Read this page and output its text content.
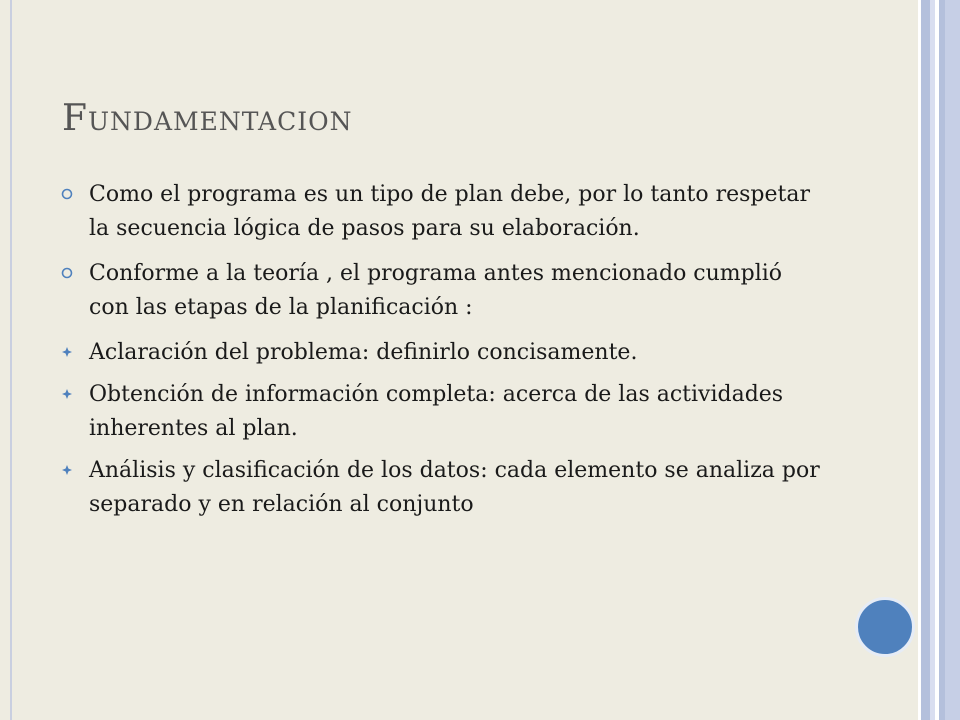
Fundamentacion
Como el programa es un tipo de plan debe, por lo tanto respetar la secuencia lógica de pasos para su elaboración.
Conforme a la teoría , el programa antes mencionado cumplió con las etapas de la planificación :
Aclaración del problema: definirlo concisamente.
Obtención de información completa: acerca de las actividades inherentes al plan.
Análisis y clasificación de los datos: cada elemento se analiza por separado y en relación al conjunto
